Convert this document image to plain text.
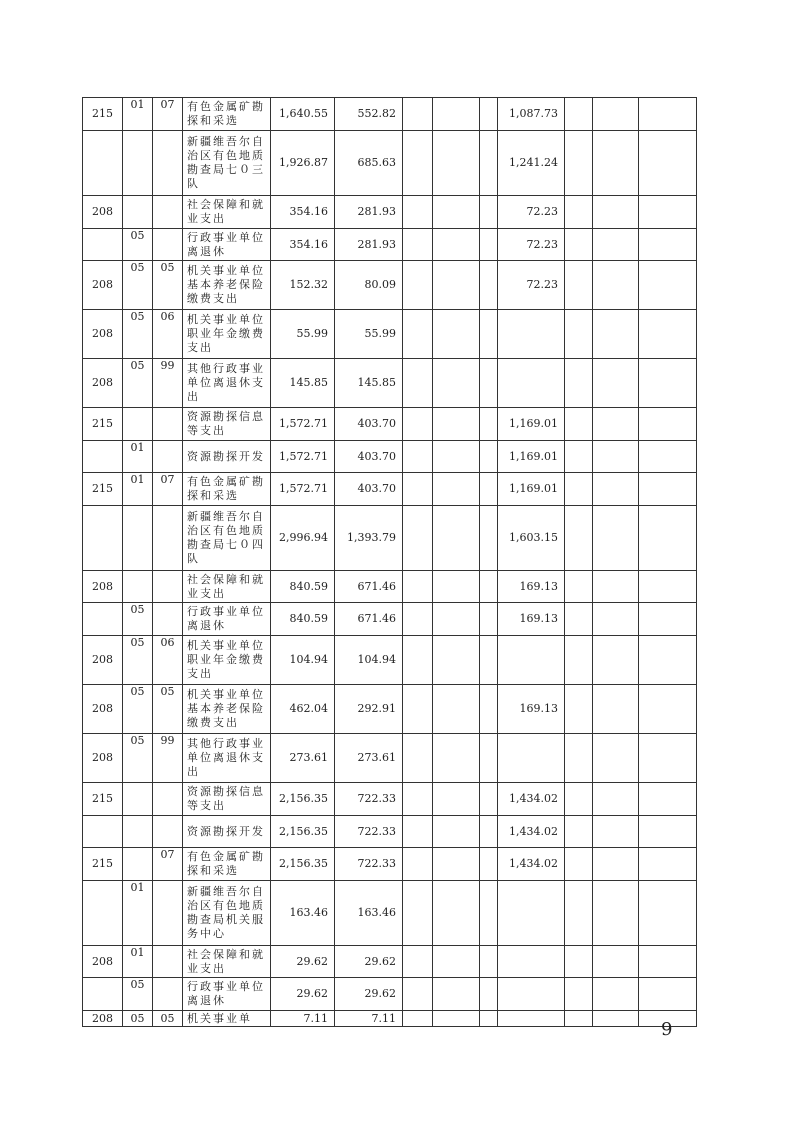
215	01	07	有色金属矿勘探和采选	1,640.55	552.82				1,087.73			
			新疆维吾尔自治区有色地质勘查局七０三队	1,926.87	685.63				1,241.24			
208			社会保障和就业支出	354.16	281.93				72.23			
	05		行政事业单位离退休	354.16	281.93				72.23			
208	05	05	机关事业单位基本养老保险缴费支出	152.32	80.09				72.23			
208	05	06	机关事业单位职业年金缴费支出	55.99	55.99							
208	05	99	其他行政事业单位离退休支出	145.85	145.85							
215			资源勘探信息等支出	1,572.71	403.70				1,169.01			
	01		资源勘探开发	1,572.71	403.70				1,169.01			
215	01	07	有色金属矿勘探和采选	1,572.71	403.70				1,169.01			
			新疆维吾尔自治区有色地质勘查局七０四队	2,996.94	1,393.79				1,603.15			
208			社会保障和就业支出	840.59	671.46				169.13			
	05		行政事业单位离退休	840.59	671.46				169.13			
208	05	06	机关事业单位职业年金缴费支出	104.94	104.94							
208	05	05	机关事业单位基本养老保险缴费支出	462.04	292.91				169.13			
208	05	99	其他行政事业单位离退休支出	273.61	273.61							
215			资源勘探信息等支出	2,156.35	722.33				1,434.02			
			资源勘探开发	2,156.35	722.33				1,434.02			
215		07	有色金属矿勘探和采选	2,156.35	722.33				1,434.02			
	01		新疆维吾尔自治区有色地质勘查局机关服务中心	163.46	163.46							
208	01		社会保障和就业支出	29.62	29.62							
	05		行政事业单位离退休	29.62	29.62							
208	05	05	机关事业单	7.11	7.11							
9
